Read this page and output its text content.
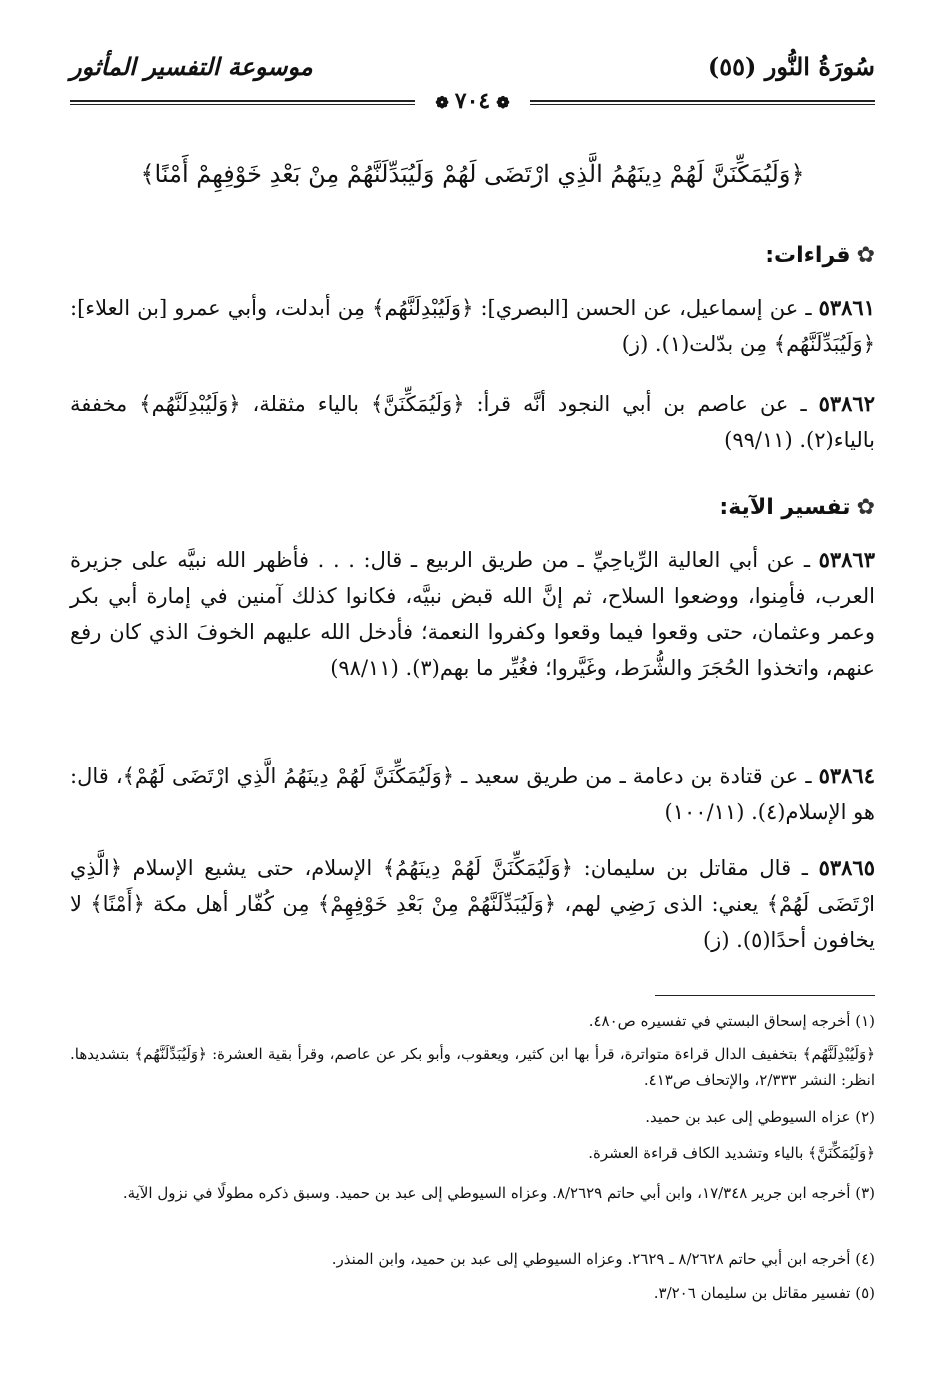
سُورَةُ النُّور (٥٥)
موسوعة التفسير المأثور
❁٧٠٤❁
﴿وَلَيُمَكِّنَنَّ لَهُمْ دِينَهُمُ الَّذِي ارْتَضَى لَهُمْ وَلَيُبَدِّلَنَّهُمْ مِنْ بَعْدِ خَوْفِهِمْ أَمْنًا﴾
✿قراءات:
٥٣٨٦١ ـ عن إسماعيل، عن الحسن [البصري]: ﴿وَلَيُبْدِلَنَّهُم﴾ مِن أبدلت، وأبي عمرو [بن العلاء]: ﴿وَلَيُبَدِّلَنَّهُم﴾ مِن بدّلت(١). (ز)
٥٣٨٦٢ ـ عن عاصم بن أبي النجود أنَّه قرأ: ﴿وَلَيُمَكِّنَنَّ﴾ بالياء مثقلة، ﴿وَلَيُبْدِلَنَّهُم﴾ مخففة بالياء(٢). (٩٩/١١)
✿تفسير الآية:
٥٣٨٦٣ ـ عن أبي العالية الرِّياحِيِّ ـ من طريق الربيع ـ قال: . . . فأظهر الله نبيَّه على جزيرة العرب، فأمِنوا، ووضعوا السلاح، ثم إنَّ الله قبض نبيَّه، فكانوا كذلك آمنين في إمارة أبي بكر وعمر وعثمان، حتى وقعوا فيما وقعوا وكفروا النعمة؛ فأدخل الله عليهم الخوفَ الذي كان رفع عنهم، واتخذوا الحُجَرَ والشُّرَط، وغَيَّروا؛ فغُيِّر ما بهم(٣). (٩٨/١١)
٥٣٨٦٤ ـ عن قتادة بن دعامة ـ من طريق سعيد ـ ﴿وَلَيُمَكِّنَنَّ لَهُمْ دِينَهُمُ الَّذِي ارْتَضَى لَهُمْ﴾، قال: هو الإسلام(٤). (١٠٠/١١)
٥٣٨٦٥ ـ قال مقاتل بن سليمان: ﴿وَلَيُمَكِّنَنَّ لَهُمْ دِينَهُمُ﴾ الإسلام، حتى يشيع الإسلام ﴿الَّذِي ارْتَضَى لَهُمْ﴾ يعني: الذى رَضِي لهم، ﴿وَلَيُبَدِّلَنَّهُمْ مِنْ بَعْدِ خَوْفِهِمْ﴾ مِن كُفّار أهل مكة ﴿أَمْنًا﴾ لا يخافون أحدًا(٥). (ز)
(١) أخرجه إسحاق البستي في تفسيره ص٤٨٠.
﴿وَلَيُبْدِلَنَّهُم﴾ بتخفيف الدال قراءة متواترة، قرأ بها ابن كثير، ويعقوب، وأبو بكر عن عاصم، وقرأ بقية العشرة: ﴿وَلَيُبَدِّلَنَّهُم﴾ بتشديدها. انظر: النشر ٢/٣٣٣، والإتحاف ص٤١٣.
(٢) عزاه السيوطي إلى عبد بن حميد.
﴿وَلَيُمَكِّنَنَّ﴾ بالياء وتشديد الكاف قراءة العشرة.
(٣) أخرجه ابن جرير ١٧/٣٤٨، وابن أبي حاتم ٨/٢٦٢٩. وعزاه السيوطي إلى عبد بن حميد. وسبق ذكره مطولًا في نزول الآية.
(٤) أخرجه ابن أبي حاتم ٨/٢٦٢٨ ـ ٢٦٢٩. وعزاه السيوطي إلى عبد بن حميد، وابن المنذر.
(٥) تفسير مقاتل بن سليمان ٣/٢٠٦.
